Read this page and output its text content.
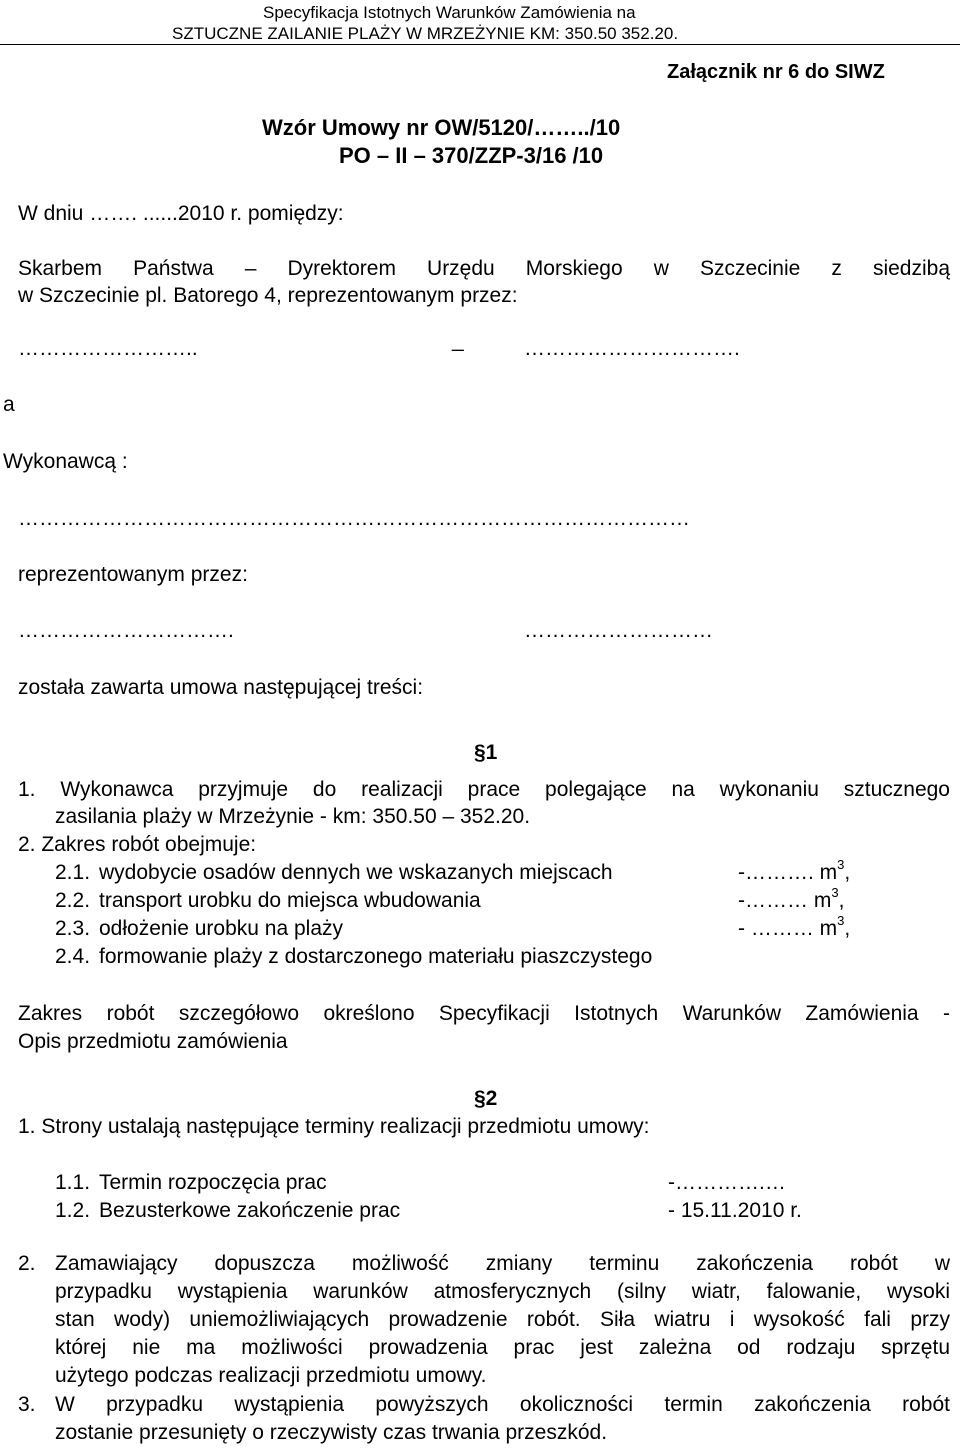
Specyfikacja Istotnych Warunków Zamówienia na
SZTUCZNE ZAILANIE PLAŻY W MRZEŻYNIE KM: 350.50 352.20.
Załącznik nr 6 do SIWZ
Wzór Umowy nr OW/5120/……../10
PO – II – 370/ZZP-3/16 /10
W dniu ……. ......2010 r. pomiędzy:
Skarbem Państwa – Dyrektorem Urzędu Morskiego w Szczecinie z siedzibą
w Szczecinie pl. Batorego 4, reprezentowanym przez:
……………………..	_	………………………….
a
Wykonawcą :
……………………………………………………………………………………
reprezentowanym przez:
………………………….	………………………
została zawarta umowa następującej treści:
§1
1. Wykonawca przyjmuje do realizacji prace polegające na wykonaniu sztucznego
zasilania plaży w Mrzeżynie - km: 350.50 – 352.20.
2. Zakres robót obejmuje:
2.1. wydobycie osadów dennych we wskazanych miejscach	-………. $m^3$,
2.2. transport urobku do miejsca wbudowania	-……… $m^3$,
2.3. odłożenie urobku na plaży	- ……… $m^3$,
2.4. formowanie plaży z dostarczonego materiału piaszczystego
Zakres robót szczegółowo określono Specyfikacji Istotnych Warunków Zamówienia -
Opis przedmiotu zamówienia
§2
1. Strony ustalają następujące terminy realizacji przedmiotu umowy:
1.1. Termin rozpoczęcia prac	-………….…
1.2. Bezusterkowe zakończenie prac	- 15.11.2010 r.
2. Zamawiający dopuszcza możliwość zmiany terminu zakończenia robót w
przypadku wystąpienia warunków atmosferycznych (silny wiatr, falowanie, wysoki
stan wody) uniemożliwiających prowadzenie robót. Siła wiatru i wysokość fali przy
której nie ma możliwości prowadzenia prac jest zależna od rodzaju sprzętu
użytego podczas realizacji przedmiotu umowy.
3. W przypadku wystąpienia powyższych okoliczności termin zakończenia robót
zostanie przesunięty o rzeczywisty czas trwania przeszkód.
